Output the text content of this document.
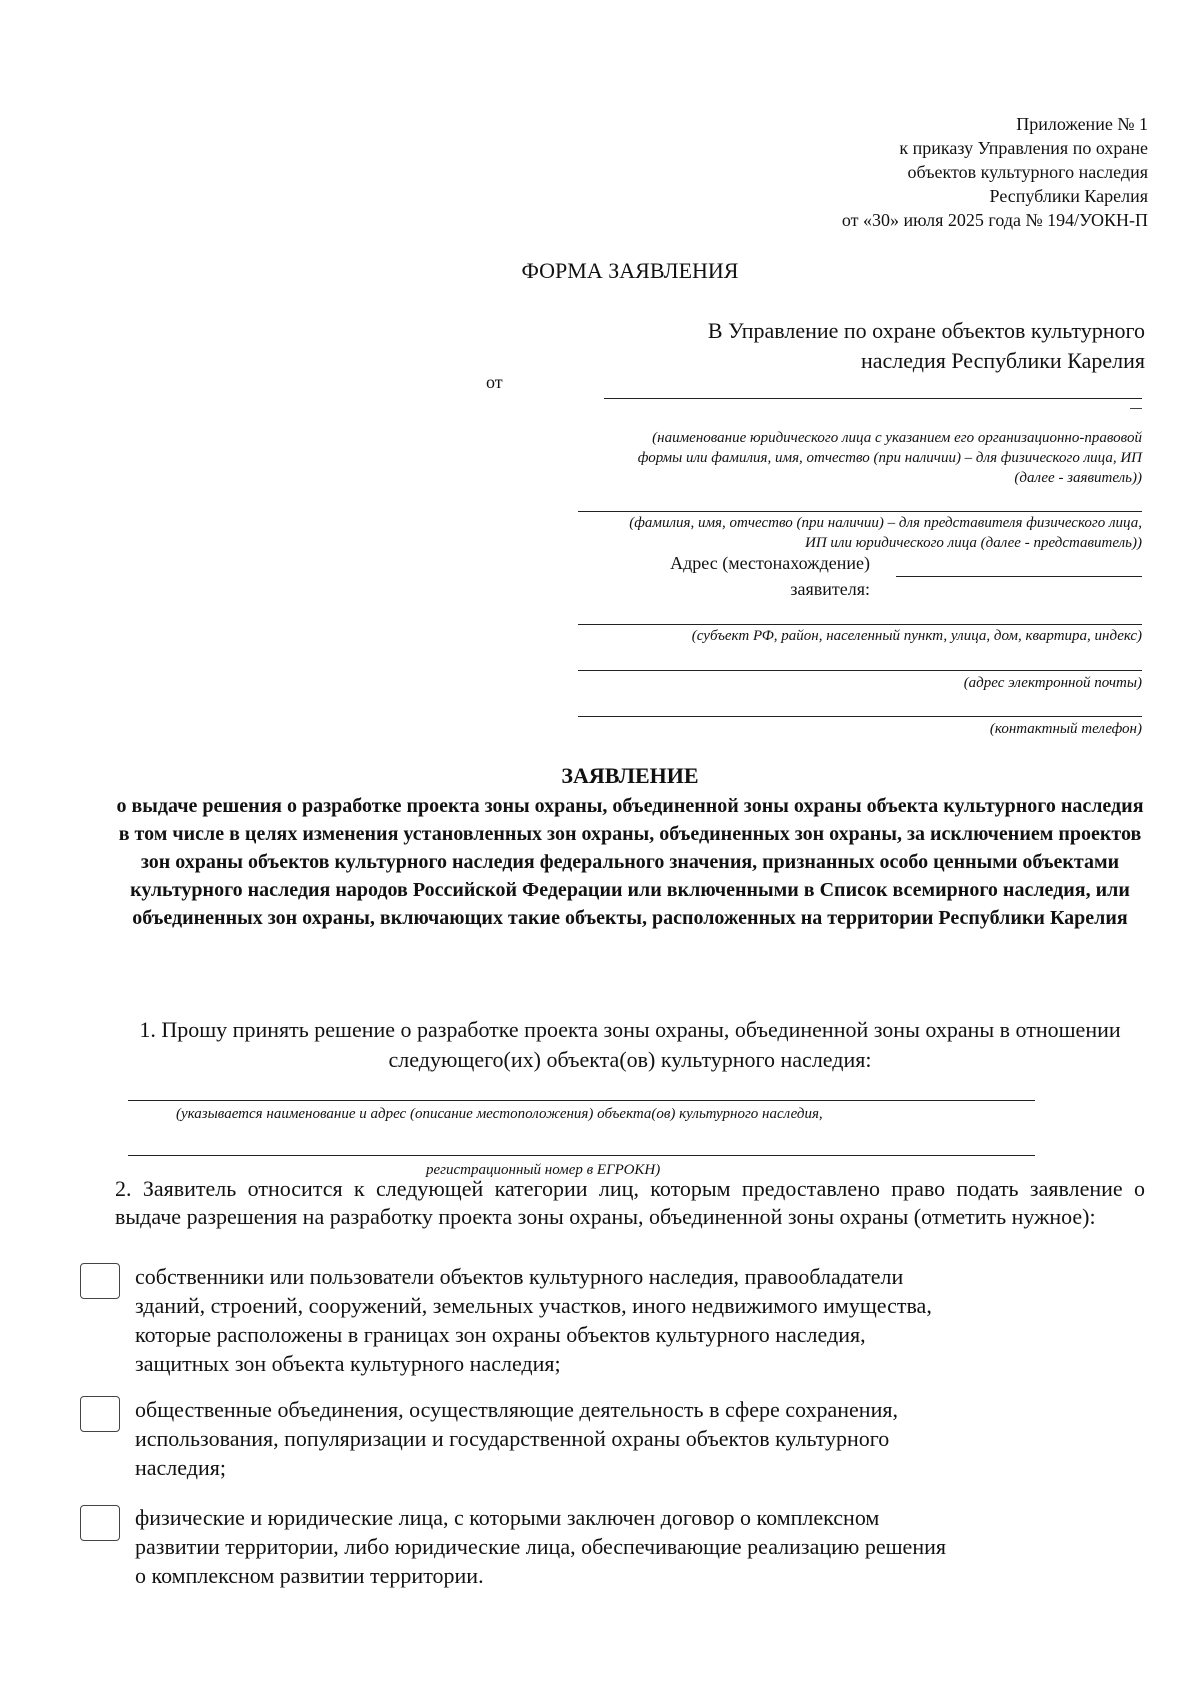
Приложение № 1
к приказу Управления по охране
объектов культурного наследия
Республики Карелия
от «30» июля 2025 года № 194/УОКН-П
ФОРМА ЗАЯВЛЕНИЯ
В Управление по охране объектов культурного
наследия Республики Карелия
от
(наименование юридического лица с указанием его организационно-правовой
формы или фамилия, имя, отчество (при наличии) – для физического лица, ИП
(далее - заявитель))
(фамилия, имя, отчество (при наличии) – для представителя физического лица,
ИП или юридического лица (далее - представитель))
Адрес (местонахождение)
заявителя:
(субъект РФ, район, населенный пункт, улица, дом, квартира, индекс)
(адрес электронной почты)
(контактный телефон)
ЗАЯВЛЕНИЕ
о выдаче решения о разработке проекта зоны охраны, объединенной зоны охраны объекта культурного наследия в том числе в целях изменения установленных зон охраны, объединенных зон охраны, за исключением проектов зон охраны объектов культурного наследия федерального значения, признанных особо ценными объектами культурного наследия народов Российской Федерации или включенными в Список всемирного наследия, или объединенных зон охраны, включающих такие объекты, расположенных на территории Республики Карелия
1. Прошу принять решение о разработке проекта зоны охраны, объединенной зоны охраны в отношении следующего(их) объекта(ов) культурного наследия:
(указывается наименование и адрес (описание местоположения) объекта(ов) культурного наследия,
регистрационный номер в ЕГРОКН)
2. Заявитель относится к следующей категории лиц, которым предоставлено право подать заявление о выдаче разрешения на разработку проекта зоны охраны, объединенной зоны охраны (отметить нужное):
собственники или пользователи объектов культурного наследия, правообладатели
зданий, строений, сооружений, земельных участков, иного недвижимого имущества,
которые расположены в границах зон охраны объектов культурного наследия,
защитных зон объекта культурного наследия;
общественные объединения, осуществляющие деятельность в сфере сохранения,
использования, популяризации и государственной охраны объектов культурного
наследия;
физические и юридические лица, с которыми заключен договор о комплексном
развитии территории, либо юридические лица, обеспечивающие реализацию решения
о комплексном развитии территории.
